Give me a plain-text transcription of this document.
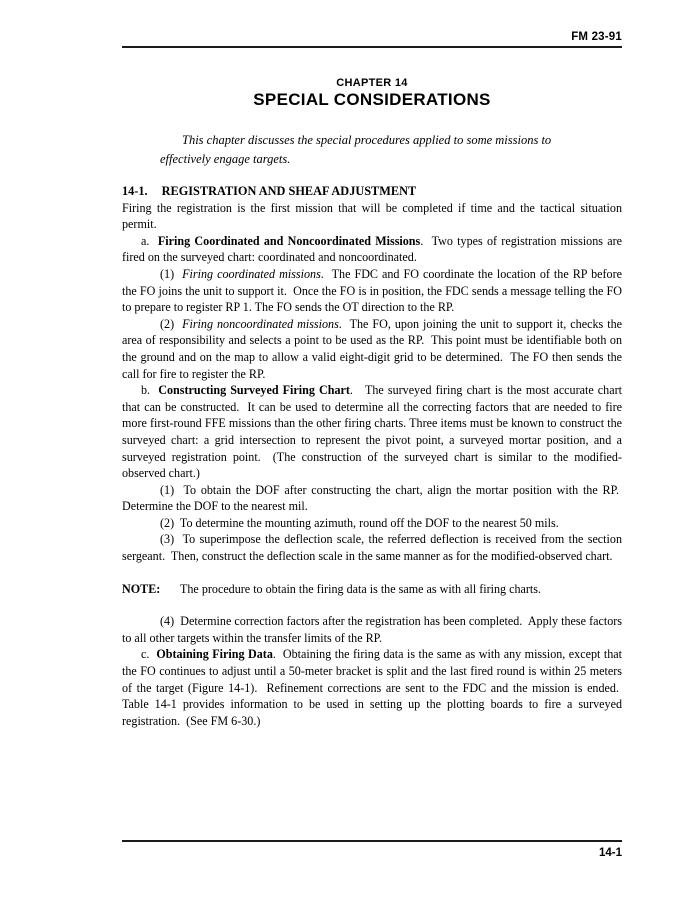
FM 23-91
CHAPTER 14
SPECIAL CONSIDERATIONS

This chapter discusses the special procedures applied to some missions to effectively engage targets.

14-1. REGISTRATION AND SHEAF ADJUSTMENT

Firing the registration is the first mission that will be completed if time and the tactical situation permit.

a.  Firing Coordinated and Noncoordinated Missions.  Two types of registration missions are fired on the surveyed chart: coordinated and noncoordinated.

(1)  Firing coordinated missions.  The FDC and FO coordinate the location of the RP before the FO joins the unit to support it.  Once the FO is in position, the FDC sends a message telling the FO to prepare to register RP 1. The FO sends the OT direction to the RP.

(2)  Firing noncoordinated missions.  The FO, upon joining the unit to support it, checks the area of responsibility and selects a point to be used as the RP.  This point must be identifiable both on the ground and on the map to allow a valid eight-digit grid to be determined.  The FO then sends the call for fire to register the RP.

b.  Constructing Surveyed Firing Chart.   The surveyed firing chart is the most accurate chart that can be constructed.  It can be used to determine all the correcting factors that are needed to fire more first-round FFE missions than the other firing charts. Three items must be known to construct the surveyed chart: a grid intersection to represent the pivot point, a surveyed mortar position, and a surveyed registration point.  (The construction of the surveyed chart is similar to the modified-observed chart.)

(1)  To obtain the DOF after constructing the chart, align the mortar position with the RP.  Determine the DOF to the nearest mil.

(2)  To determine the mounting azimuth, round off the DOF to the nearest 50 mils.

(3)  To superimpose the deflection scale, the referred deflection is received from the section sergeant.  Then, construct the deflection scale in the same manner as for the modified-observed chart.

NOTE: The procedure to obtain the firing data is the same as with all firing charts.

(4)  Determine correction factors after the registration has been completed.  Apply these factors to all other targets within the transfer limits of the RP.

c.  Obtaining Firing Data.  Obtaining the firing data is the same as with any mission, except that the FO continues to adjust until a 50-meter bracket is split and the last fired round is within 25 meters of the target (Figure 14-1).  Refinement corrections are sent to the FDC and the mission is ended.  Table 14-1 provides information to be used in setting up the plotting boards to fire a surveyed registration.  (See FM 6-30.)

14-1
